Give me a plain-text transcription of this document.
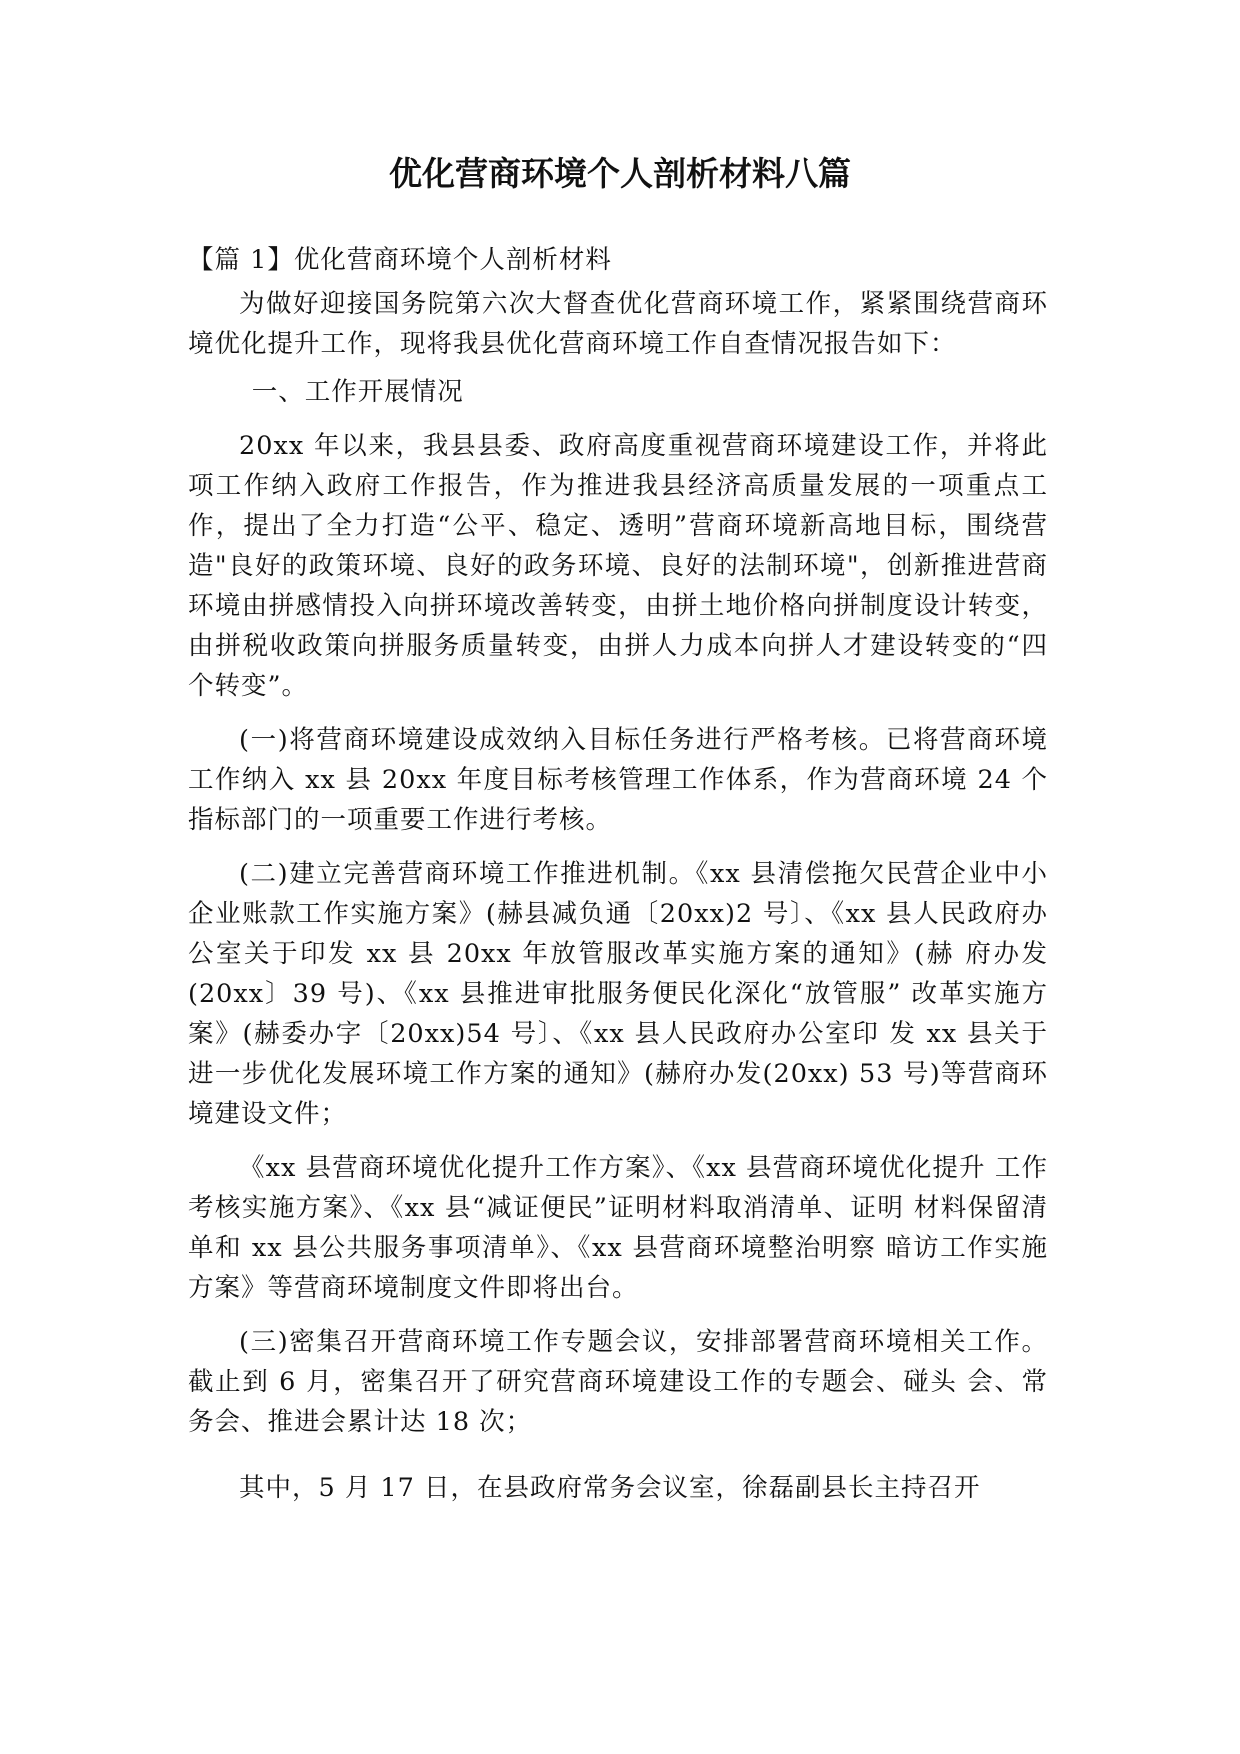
优化营商环境个人剖析材料八篇

【篇 1】优化营商环境个人剖析材料

为做好迎接国务院第六次大督查优化营商环境工作，紧紧围绕营商环境优化提升工作，现将我县优化营商环境工作自查情况报告如下：

一、工作开展情况

20xx 年以来，我县县委、政府高度重视营商环境建设工作，并将此项工作纳入政府工作报告，作为推进我县经济高质量发展的一项重点工作，提出了全力打造“公平、稳定、透明”营商环境新高地目标，围绕营造"良好的政策环境、良好的政务环境、良好的法制环境"，创新推进营商环境由拼感情投入向拼环境改善转变，由拼土地价格向拼制度设计转变，由拼税收政策向拼服务质量转变，由拼人力成本向拼人才建设转变的“四个转变”。

(一)将营商环境建设成效纳入目标任务进行严格考核。已将营商环境工作纳入 xx 县 20xx 年度目标考核管理工作体系，作为营商环境 24 个指标部门的一项重要工作进行考核。

(二)建立完善营商环境工作推进机制。《xx 县清偿拖欠民营企业中小企业账款工作实施方案》(赫县减负通〔20xx)2 号〕、《xx 县人民政府办公室关于印发 xx 县 20xx 年放管服改革实施方案的通知》(赫 府办发(20xx〕39 号)、《xx 县推进审批服务便民化深化“放管服” 改革实施方案》(赫委办字〔20xx)54 号〕、《xx 县人民政府办公室印 发 xx 县关于进一步优化发展环境工作方案的通知》(赫府办发(20xx) 53 号)等营商环境建设文件；

《xx 县营商环境优化提升工作方案》、《xx 县营商环境优化提升 工作考核实施方案》、《xx 县“减证便民”证明材料取消清单、证明 材料保留清单和 xx 县公共服务事项清单》、《xx 县营商环境整治明察 暗访工作实施方案》等营商环境制度文件即将出台。

(三)密集召开营商环境工作专题会议，安排部署营商环境相关工作。截止到 6 月，密集召开了研究营商环境建设工作的专题会、碰头 会、常务会、推进会累计达 18 次；

其中，5 月 17 日，在县政府常务会议室，徐磊副县长主持召开
